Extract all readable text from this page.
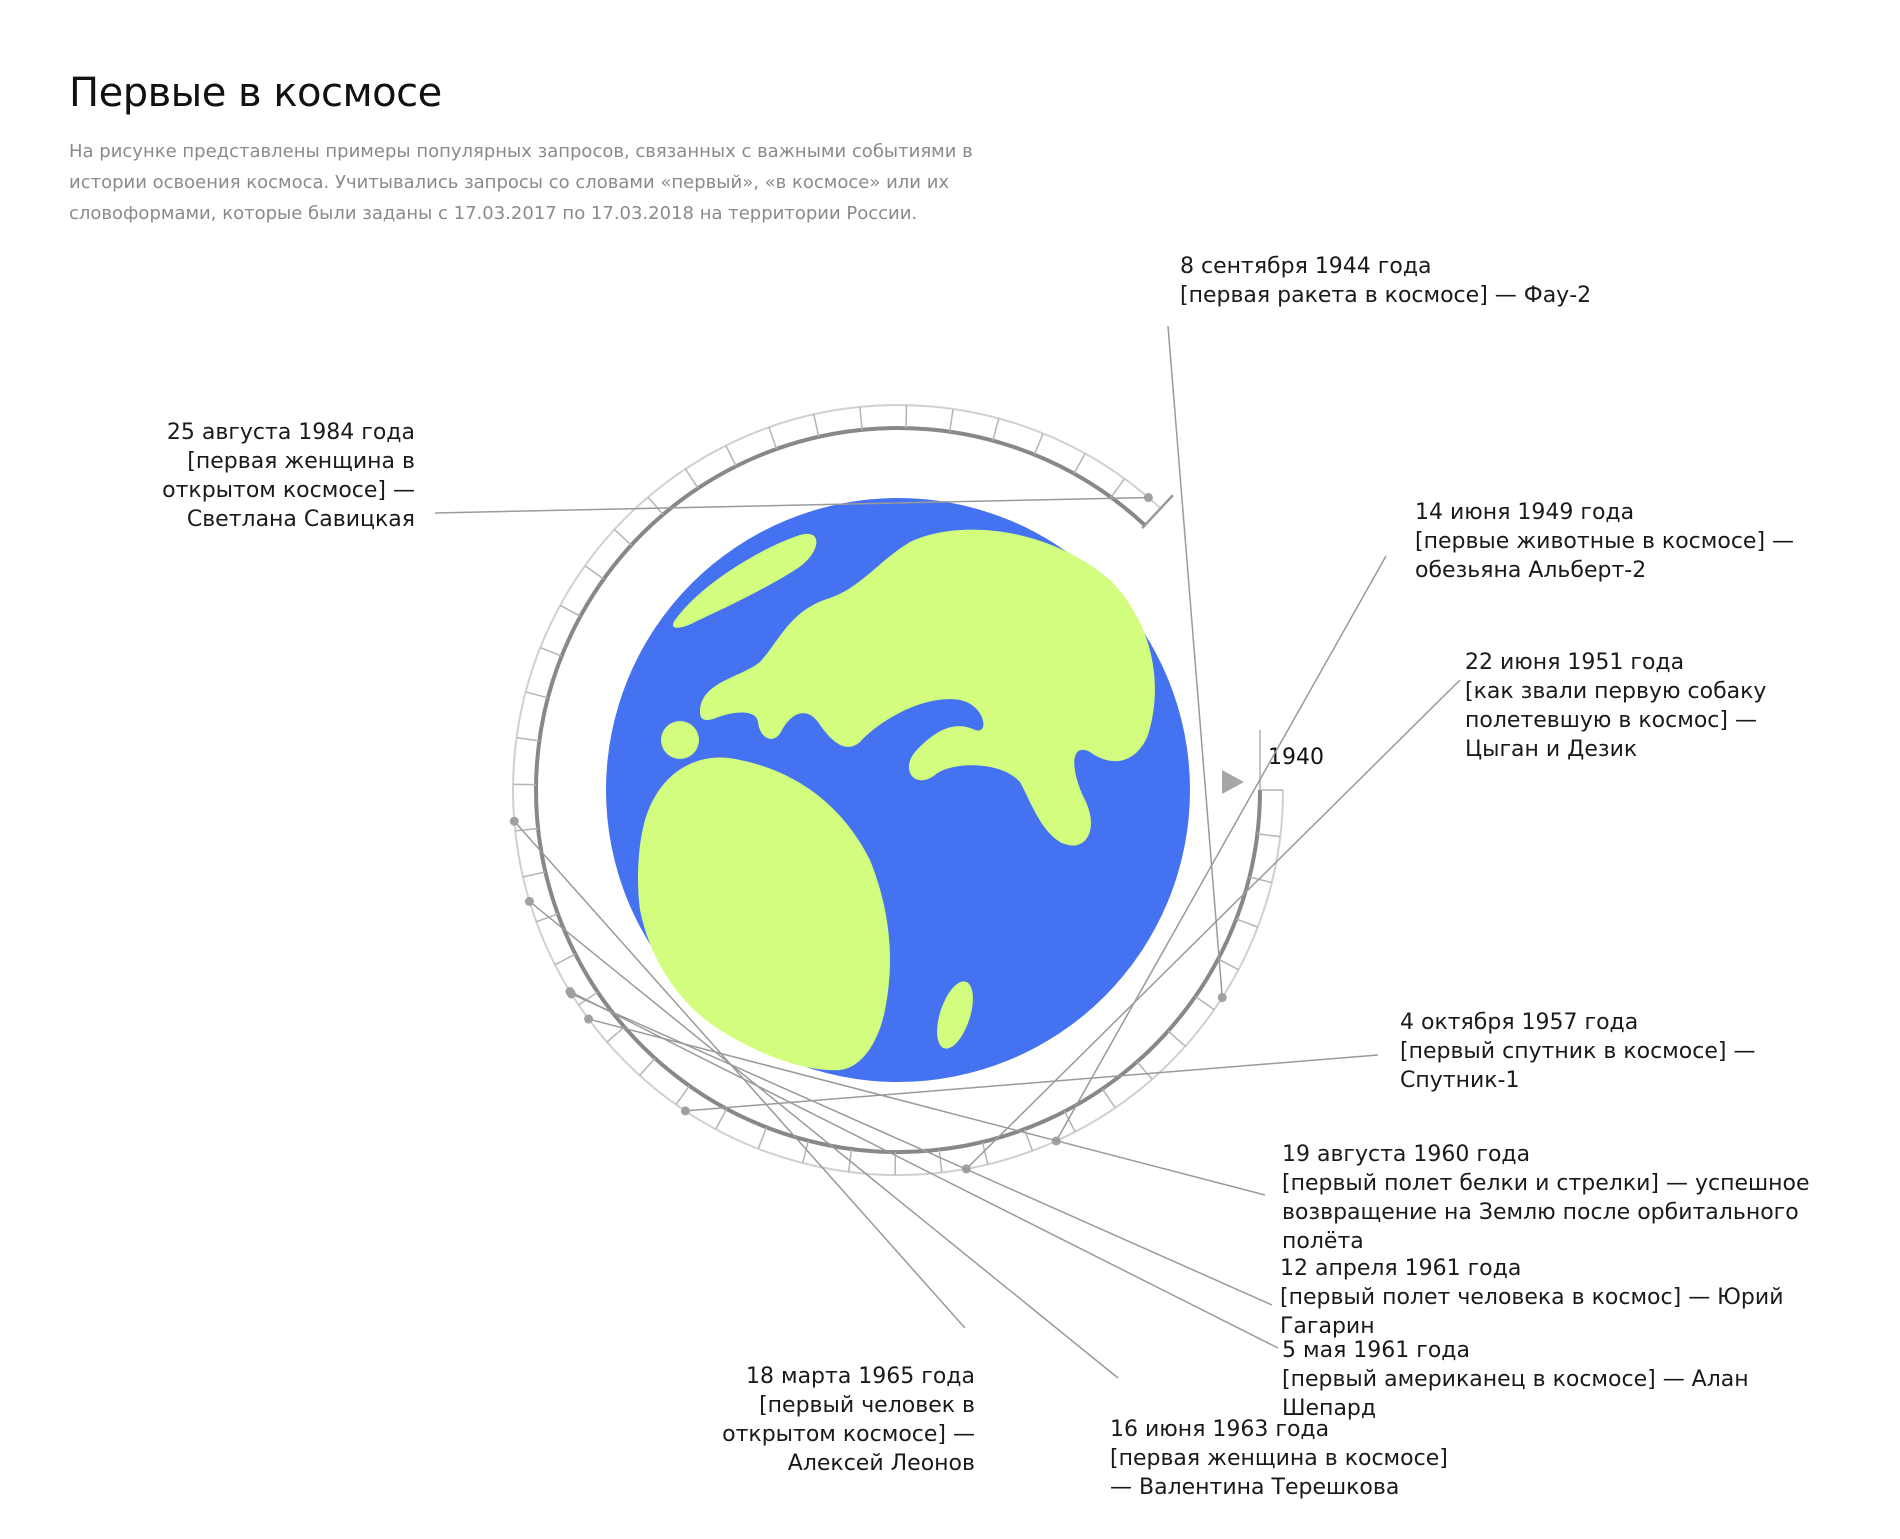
Первые в космосе

На рисунке представлены примеры популярных запросов, связанных с важными событиями в истории освоения космоса. Учитывались запросы со словами «первый», «в космосе» или их словоформами, которые были заданы с 17.03.2017 по 17.03.2018 на территории России.

1940
8 сентября 1944 года
[первая ракета в космосе] — Фау-2
14 июня 1949 года
[первые животные в космосе] — обезьяна Альберт-2
22 июня 1951 года
[как звали первую собаку полетевшую в космос] — Цыган и Дезик
4 октября 1957 года
[первый спутник в космосе] — Спутник-1
19 августа 1960 года
[первый полет белки и стрелки] — успешное возвращение на Землю после орбитального полёта
12 апреля 1961 года
[первый полет человека в космос] — Юрий Гагарин
5 мая 1961 года
[первый американец в космосе] — Алан Шепард
16 июня 1963 года
[первая женщина в космосе] — Валентина Терешкова
18 марта 1965 года
[первый человек в открытом космосе] — Алексей Леонов
25 августа 1984 года
[первая женщина в открытом космосе] — Светлана Савицкая
